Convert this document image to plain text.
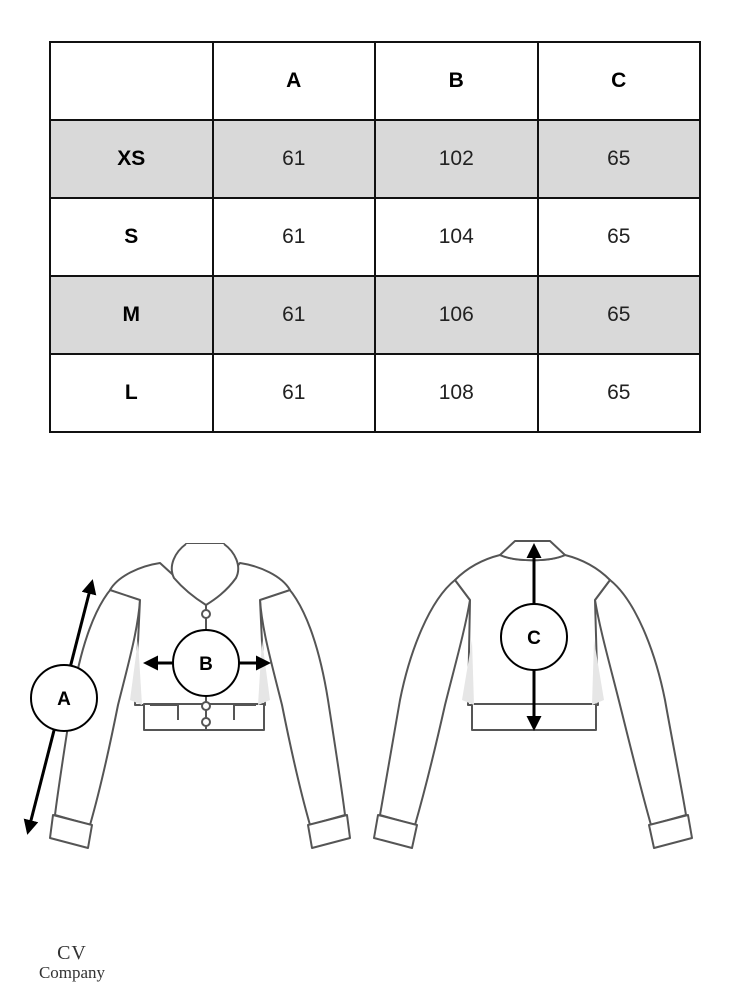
	A	B	C
XS	61	102	65
S	61	104	65
M	61	106	65
L	61	108	65
A
B
C
CV
Company
